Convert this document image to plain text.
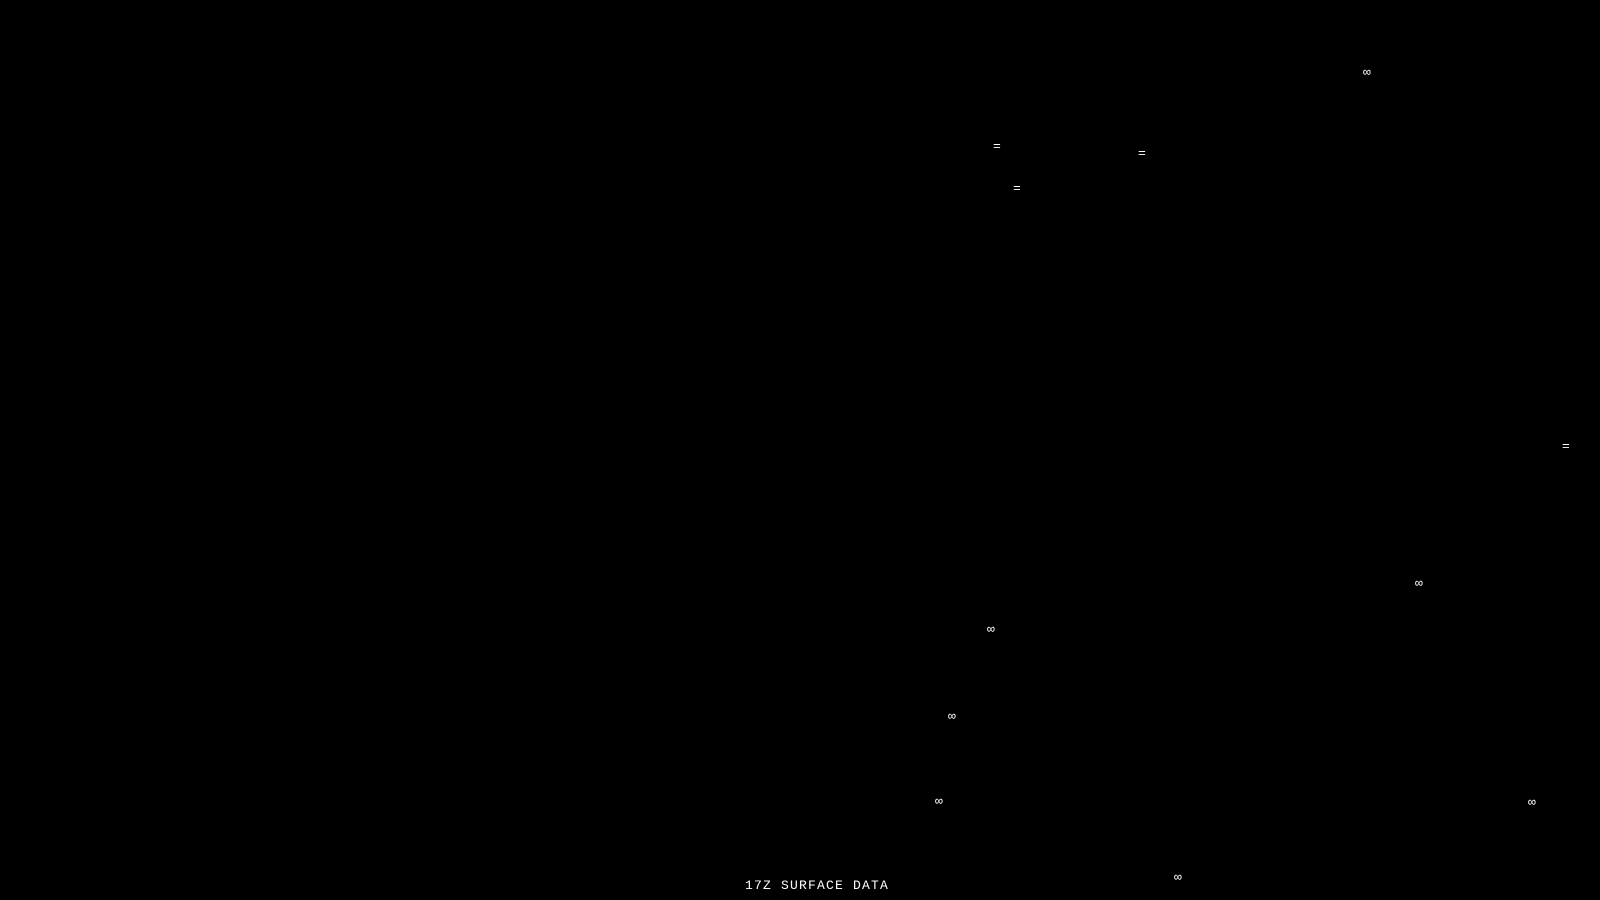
∞
=	=
=
=
∞
∞
∞
∞	∞
∞
17Z SURFACE DATA
